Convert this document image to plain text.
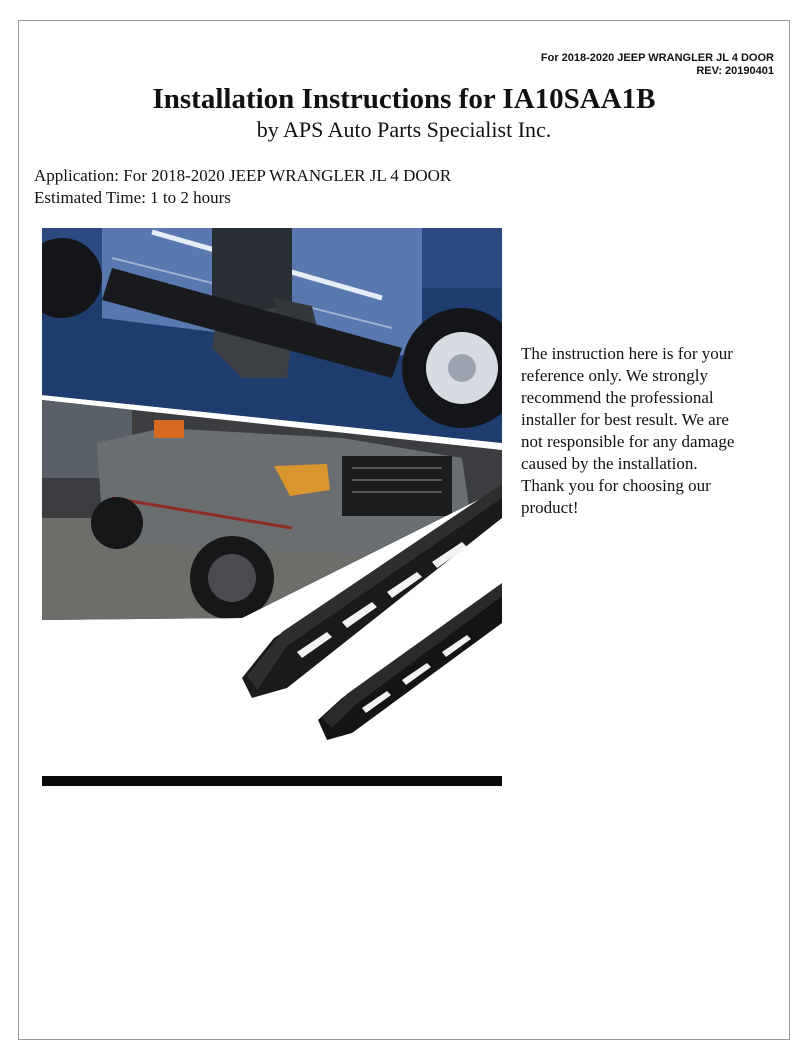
For 2018-2020 JEEP WRANGLER JL 4 DOOR
REV: 20190401
Installation Instructions for IA10SAA1B
by APS Auto Parts Specialist Inc.
Application: For 2018-2020 JEEP WRANGLER JL 4 DOOR
Estimated Time: 1 to 2 hours
The instruction here is for your
reference only. We strongly
recommend the professional
installer for best result. We are
not responsible for any damage
caused by the installation.
Thank you for choosing our
product!
